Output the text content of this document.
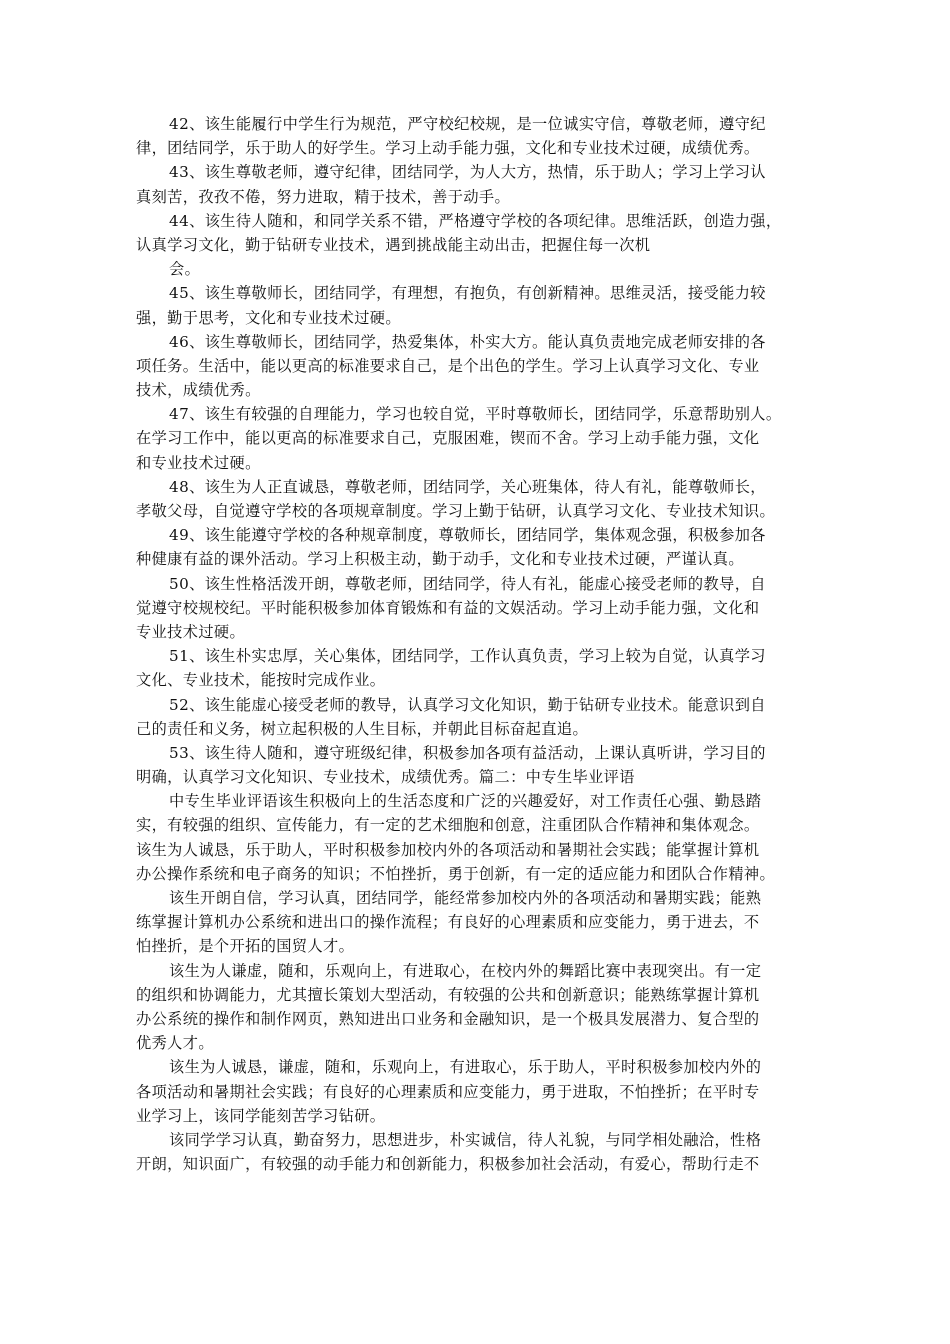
42、该生能履行中学生行为规范，严守校纪校规，是一位诚实守信，尊敬老师，遵守纪
律，团结同学，乐于助人的好学生。学习上动手能力强，文化和专业技术过硬，成绩优秀。
43、该生尊敬老师，遵守纪律，团结同学，为人大方，热情，乐于助人；学习上学习认
真刻苦，孜孜不倦，努力进取，精于技术，善于动手。
44、该生待人随和，和同学关系不错，严格遵守学校的各项纪律。思维活跃，创造力强，
认真学习文化，勤于钻研专业技术，遇到挑战能主动出击，把握住每一次机
会。
45、该生尊敬师长，团结同学，有理想，有抱负，有创新精神。思维灵活，接受能力较
强，勤于思考，文化和专业技术过硬。
46、该生尊敬师长，团结同学，热爱集体，朴实大方。能认真负责地完成老师安排的各
项任务。生活中，能以更高的标准要求自己，是个出色的学生。学习上认真学习文化、专业
技术，成绩优秀。
47、该生有较强的自理能力，学习也较自觉，平时尊敬师长，团结同学，乐意帮助别人。
在学习工作中，能以更高的标准要求自己，克服困难，锲而不舍。学习上动手能力强，文化
和专业技术过硬。
48、该生为人正直诚恳，尊敬老师，团结同学，关心班集体，待人有礼，能尊敬师长，
孝敬父母，自觉遵守学校的各项规章制度。学习上勤于钻研，认真学习文化、专业技术知识。
49、该生能遵守学校的各种规章制度，尊敬师长，团结同学，集体观念强，积极参加各
种健康有益的课外活动。学习上积极主动，勤于动手，文化和专业技术过硬，严谨认真。
50、该生性格活泼开朗，尊敬老师，团结同学，待人有礼，能虚心接受老师的教导，自
觉遵守校规校纪。平时能积极参加体育锻炼和有益的文娱活动。学习上动手能力强，文化和
专业技术过硬。
51、该生朴实忠厚，关心集体，团结同学，工作认真负责，学习上较为自觉，认真学习
文化、专业技术，能按时完成作业。
52、该生能虚心接受老师的教导，认真学习文化知识，勤于钻研专业技术。能意识到自
己的责任和义务，树立起积极的人生目标，并朝此目标奋起直追。
53、该生待人随和，遵守班级纪律，积极参加各项有益活动，上课认真听讲，学习目的
明确，认真学习文化知识、专业技术，成绩优秀。篇二：中专生毕业评语
中专生毕业评语该生积极向上的生活态度和广泛的兴趣爱好，对工作责任心强、勤恳踏
实，有较强的组织、宣传能力，有一定的艺术细胞和创意，注重团队合作精神和集体观念。
该生为人诚恳，乐于助人，平时积极参加校内外的各项活动和暑期社会实践；能掌握计算机
办公操作系统和电子商务的知识；不怕挫折，勇于创新，有一定的适应能力和团队合作精神。
该生开朗自信，学习认真，团结同学，能经常参加校内外的各项活动和暑期实践；能熟
练掌握计算机办公系统和进出口的操作流程；有良好的心理素质和应变能力，勇于进去，不
怕挫折，是个开拓的国贸人才。
该生为人谦虚，随和，乐观向上，有进取心，在校内外的舞蹈比赛中表现突出。有一定
的组织和协调能力，尤其擅长策划大型活动，有较强的公共和创新意识；能熟练掌握计算机
办公系统的操作和制作网页，熟知进出口业务和金融知识，是一个极具发展潜力、复合型的
优秀人才。
该生为人诚恳，谦虚，随和，乐观向上，有进取心，乐于助人，平时积极参加校内外的
各项活动和暑期社会实践；有良好的心理素质和应变能力，勇于进取，不怕挫折；在平时专
业学习上，该同学能刻苦学习钻研。
该同学学习认真，勤奋努力，思想进步，朴实诚信，待人礼貌，与同学相处融洽，性格
开朗，知识面广，有较强的动手能力和创新能力，积极参加社会活动，有爱心，帮助行走不
